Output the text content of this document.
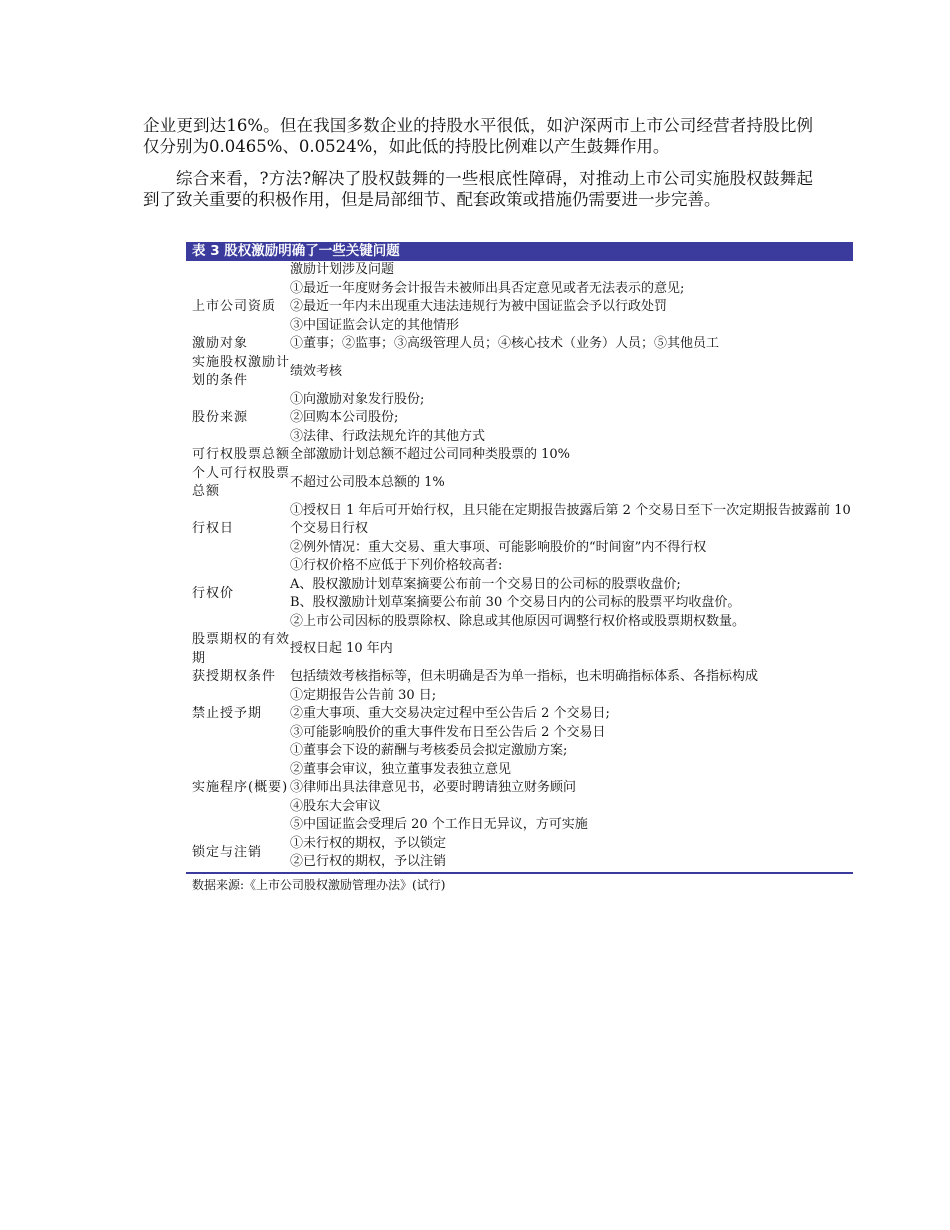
企业更到达16%。但在我国多数企业的持股水平很低，如沪深两市上市公司经营者持股比例仅分别为0.0465%、0.0524%，如此低的持股比例难以产生鼓舞作用。

综合来看，?方法?解决了股权鼓舞的一些根底性障碍，对推动上市公司实施股权鼓舞起到了致关重要的积极作用，但是局部细节、配套政策或措施仍需要进一步完善。

表 3 股权激励明确了一些关键问题
激励计划涉及问题
上市公司资质
①最近一年度财务会计报告未被师出具否定意见或者无法表示的意见;
②最近一年内未出现重大违法违规行为被中国证监会予以行政处罚
③中国证监会认定的其他情形
激励对象	①董事；②监事；③高级管理人员；④核心技术（业务）人员；⑤其他员工
实施股权激励计划的条件
绩效考核
股份来源
①向激励对象发行股份;
②回购本公司股份;
③法律、行政法规允许的其他方式
可行权股票总额 全部激励计划总额不超过公司同种类股票的 10%
个人可行权股票总额
不超过公司股本总额的 1%
行权日
①授权日 1 年后可开始行权，且只能在定期报告披露后第 2 个交易日至下一次定期报告披露前 10 个交易日行权
②例外情况：重大交易、重大事项、可能影响股价的“时间窗”内不得行权
行权价
①行权价格不应低于下列价格较高者:
A、股权激励计划草案摘要公布前一个交易日的公司标的股票收盘价;
B、股权激励计划草案摘要公布前 30 个交易日内的公司标的股票平均收盘价。
②上市公司因标的股票除权、除息或其他原因可调整行权价格或股票期权数量。
股票期权的有效期
授权日起 10 年内
获授期权条件	包括绩效考核指标等，但未明确是否为单一指标，也未明确指标体系、各指标构成
禁止授予期
①定期报告公告前 30 日;
②重大事项、重大交易决定过程中至公告后 2 个交易日;
③可能影响股价的重大事件发布日至公告后 2 个交易日
实施程序(概要)
①董事会下设的薪酬与考核委员会拟定激励方案;
②董事会审议，独立董事发表独立意见
③律师出具法律意见书，必要时聘请独立财务顾问
④股东大会审议
⑤中国证监会受理后 20 个工作日无异议，方可实施
锁定与注销
①未行权的期权，予以锁定
②已行权的期权，予以注销
数据来源:《上市公司股权激励管理办法》(试行)
